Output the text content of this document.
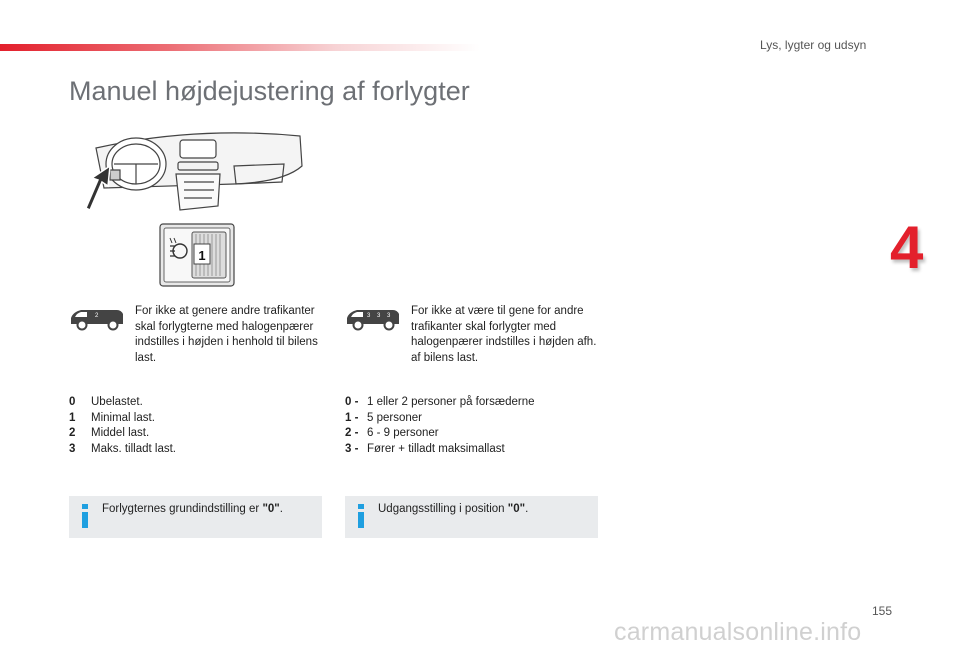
Lys, lygter og udsyn
Manuel højdejustering af forlygter
4
1
2	For ikke at genere andre trafikanter skal forlygterne med halogenpærer indstilles i højden i henhold til bilens last.
0	Ubelastet.
1	Minimal last.
2	Middel last.
3	Maks. tilladt last.
Forlygternes grundindstilling er "0".
3 3 3 For ikke at være til gene for andre trafikanter skal forlygter med halogenpærer indstilles i højden afh. af bilens last.
0 - 1 eller 2 personer på forsæderne
1 - 5 personer
2 - 6 - 9 personer
3 - Fører + tilladt maksimallast
Udgangsstilling i position "0".
155
carmanualsonline.info
